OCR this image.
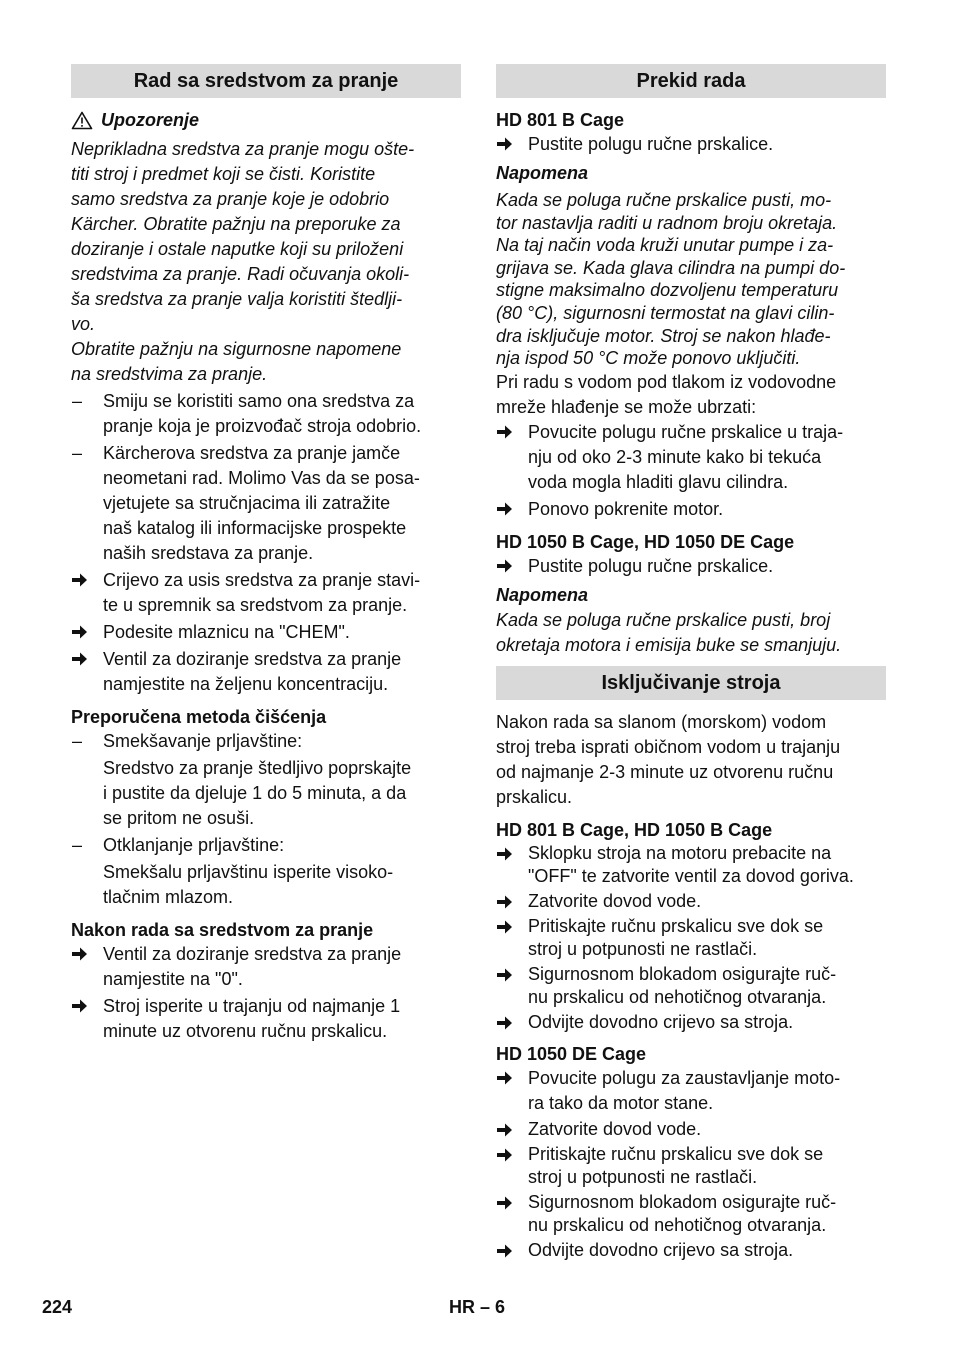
Rad sa sredstvom za pranje
Upozorenje
Neprikladna sredstva za pranje mogu ošte-
titi stroj i predmet koji se čisti. Koristite
samo sredstva za pranje koje je odobrio
Kärcher. Obratite pažnju na preporuke za
doziranje i ostale naputke koji su priloženi
sredstvima za pranje. Radi očuvanja okoli-
ša sredstva za pranje valja koristiti štedlji-
vo.
Obratite pažnju na sigurnosne napomene
na sredstvima za pranje.
–	Smiju se koristiti samo ona sredstva za
pranje koja je proizvođač stroja odobrio.
–	Kärcherova sredstva za pranje jamče
neometani rad. Molimo Vas da se posa-
vjetujete sa stručnjacima ili zatražite
naš katalog ili informacijske prospekte
naših sredstava za pranje.
Crijevo za usis sredstva za pranje stavi-
te u spremnik sa sredstvom za pranje.
Podesite mlaznicu na "CHEM".
Ventil za doziranje sredstva za pranje
namjestite na željenu koncentraciju.
Preporučena metoda čišćenja
–	Smekšavanje prljavštine:
Sredstvo za pranje štedljivo poprskajte
i pustite da djeluje 1 do 5 minuta, a da
se pritom ne osuši.
–	Otklanjanje prljavštine:
Smekšalu prljavštinu isperite visoko-
tlačnim mlazom.
Nakon rada sa sredstvom za pranje
Ventil za doziranje sredstva za pranje
namjestite na "0".
Stroj isperite u trajanju od najmanje 1
minute uz otvorenu ručnu prskalicu.
Prekid rada
HD 801 B Cage
Pustite polugu ručne prskalice.
Napomena
Kada se poluga ručne prskalice pusti, mo-
tor nastavlja raditi u radnom broju okretaja.
Na taj način voda kruži unutar pumpe i za-
grijava se. Kada glava cilindra na pumpi do-
stigne maksimalno dozvoljenu temperaturu
(80 °C), sigurnosni termostat na glavi cilin-
dra isključuje motor. Stroj se nakon hlađe-
nja ispod 50 °C može ponovo uključiti.
Pri radu s vodom pod tlakom iz vodovodne
mreže hlađenje se može ubrzati:
Povucite polugu ručne prskalice u traja-
nju od oko 2-3 minute kako bi tekuća
voda mogla hladiti glavu cilindra.
Ponovo pokrenite motor.
HD 1050 B Cage, HD 1050 DE Cage
Pustite polugu ručne prskalice.
Napomena
Kada se poluga ručne prskalice pusti, broj
okretaja motora i emisija buke se smanjuju.
Isključivanje stroja
Nakon rada sa slanom (morskom) vodom
stroj treba isprati običnom vodom u trajanju
od najmanje 2-3 minute uz otvorenu ručnu
prskalicu.
HD 801 B Cage, HD 1050 B Cage
Sklopku stroja na motoru prebacite na
"OFF" te zatvorite ventil za dovod goriva.
Zatvorite dovod vode.
Pritiskajte ručnu prskalicu sve dok se
stroj u potpunosti ne rastlači.
Sigurnosnom blokadom osigurajte ruč-
nu prskalicu od nehotičnog otvaranja.
Odvijte dovodno crijevo sa stroja.
HD 1050 DE Cage
Povucite polugu za zaustavljanje moto-
ra tako da motor stane.
Zatvorite dovod vode.
Pritiskajte ručnu prskalicu sve dok se
stroj u potpunosti ne rastlači.
Sigurnosnom blokadom osigurajte ruč-
nu prskalicu od nehotičnog otvaranja.
Odvijte dovodno crijevo sa stroja.
224	HR – 6
